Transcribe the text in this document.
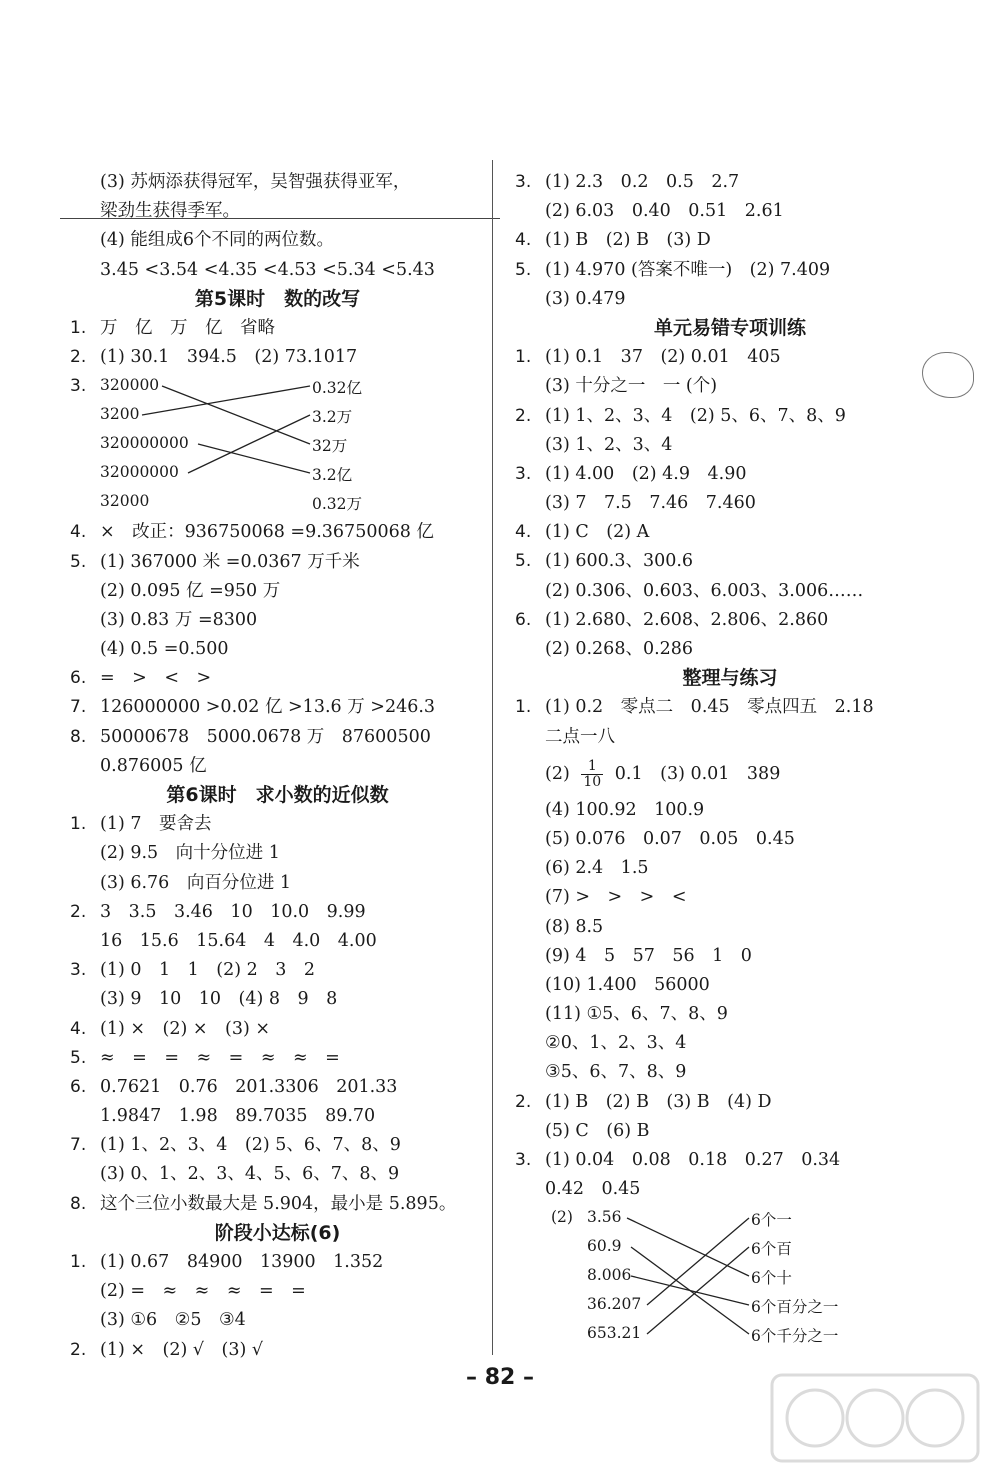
(3) 苏炳添获得冠军，吴智强获得亚军，
梁劲生获得季军。
(4) 能组成6个不同的两位数。
3.45 <3.54 <4.35 <4.53 <5.34 <5.43
第5课时　数的改写
1. 万　亿　万　亿　省略
2. (1) 30.1　394.5　(2) 73.1017
3. 320000
3200
320000000
32000000
32000
0.32亿
3.2万
32万
3.2亿
0.32万
4. ×　改正：936750068 =9.36750068 亿
5. (1) 367000 米 =0.0367 万千米
(2) 0.095 亿 =950 万
(3) 0.83 万 =8300
(4) 0.5 =0.500
6. =　>　<　>
7. 126000000 >0.02 亿 >13.6 万 >246.3
8. 50000678　5000.0678 万　87600500
0.876005 亿
第6课时　求小数的近似数
1. (1) 7　要舍去
(2) 9.5　向十分位进 1
(3) 6.76　向百分位进 1
2. 3　3.5　3.46　10　10.0　9.99
16　15.6　15.64　4　4.0　4.00
3. (1) 0　1　1　(2) 2　3　2
(3) 9　10　10　(4) 8　9　8
4. (1) ×　(2) ×　(3) ×
5. ≈　=　=　≈　=　≈　≈　=
6. 0.7621　0.76　201.3306　201.33
1.9847　1.98　89.7035　89.70
7. (1) 1、2、3、4　(2) 5、6、7、8、9
(3) 0、1、2、3、4、5、6、7、8、9
8. 这个三位小数最大是 5.904，最小是 5.895。
阶段小达标(6)
1. (1) 0.67　84900　13900　1.352
(2) =　≈　≈　≈　=　=
(3) ①6　②5　③4
2. (1) ×　(2) √　(3) √
3. (1) 2.3　0.2　0.5　2.7
(2) 6.03　0.40　0.51　2.61
4. (1) B　(2) B　(3) D
5. (1) 4.970 (答案不唯一)　(2) 7.409
(3) 0.479
单元易错专项训练
1. (1) 0.1　37　(2) 0.01　405
(3) 十分之一　一 (个)
2. (1) 1、2、3、4　(2) 5、6、7、8、9
(3) 1、2、3、4
3. (1) 4.00　(2) 4.9　4.90
(3) 7　7.5　7.46　7.460
4. (1) C　(2) A
5. (1) 600.3、300.6
(2) 0.306、0.603、6.003、3.006……
6. (1) 2.680、2.608、2.806、2.860
(2) 0.268、0.286
整理与练习
1. (1) 0.2　零点二　0.45　零点四五　2.18
二点一八
$(2) \frac{1}{10} 0.1$　(3) 0.01　389
(4) 100.92　100.9
(5) 0.076　0.07　0.05　0.45
(6) 2.4　1.5
(7) >　>　>　<
(8) 8.5
(9) 4　5　57　56　1　0
(10) 1.400　56000
(11) ①5、6、7、8、9
②0、1、2、3、4
③5、6、7、8、9
2. (1) B　(2) B　(3) B　(4) D
(5) C　(6) B
3. (1) 0.04　0.08　0.18　0.27　0.34
0.42　0.45
(2) 3.56
60.9
8.006
36.207
653.21
6个一
6个百
6个十
6个百分之一
6个千分之一
– 82 –
